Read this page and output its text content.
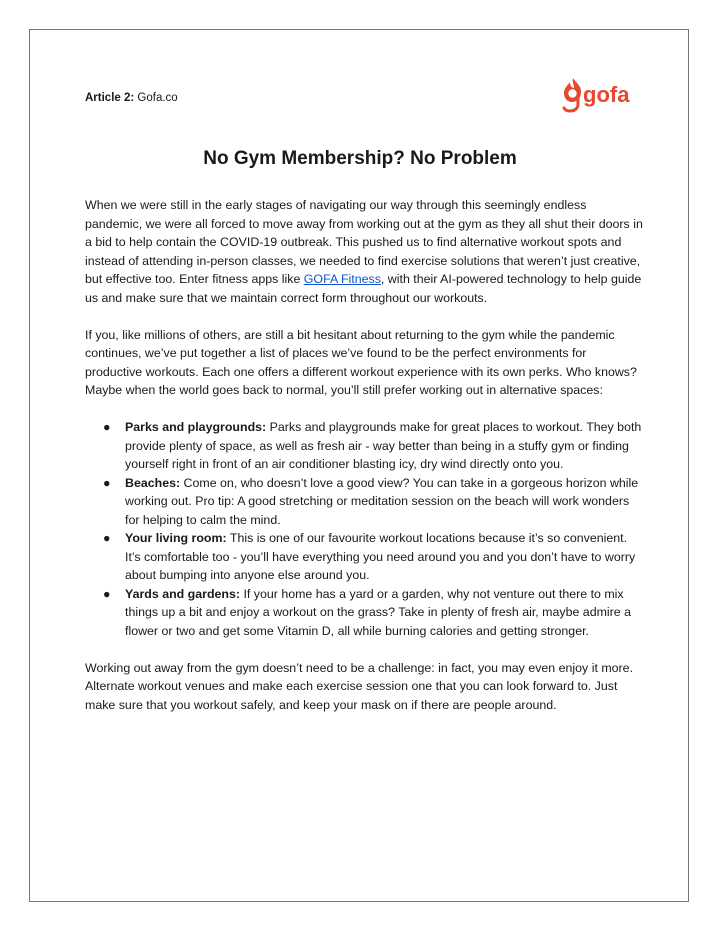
Article 2: Gofa.co	gofa
No Gym Membership? No Problem

When we were still in the early stages of navigating our way through this seemingly endless pandemic, we were all forced to move away from working out at the gym as they all shut their doors in a bid to help contain the COVID-19 outbreak. This pushed us to find alternative workout spots and instead of attending in-person classes, we needed to find exercise solutions that weren’t just creative, but effective too. Enter fitness apps like GOFA Fitness, with their AI-powered technology to help guide us and make sure that we maintain correct form throughout our workouts.

If you, like millions of others, are still a bit hesitant about returning to the gym while the pandemic continues, we’ve put together a list of places we’ve found to be the perfect environments for productive workouts. Each one offers a different workout experience with its own perks. Who knows? Maybe when the world goes back to normal, you’ll still prefer working out in alternative spaces:

● Parks and playgrounds: Parks and playgrounds make for great places to workout. They both provide plenty of space, as well as fresh air - way better than being in a stuffy gym or finding yourself right in front of an air conditioner blasting icy, dry wind directly onto you.
● Beaches: Come on, who doesn’t love a good view? You can take in a gorgeous horizon while working out. Pro tip: A good stretching or meditation session on the beach will work wonders for helping to calm the mind.
● Your living room: This is one of our favourite workout locations because it’s so convenient. It’s comfortable too - you’ll have everything you need around you and you don’t have to worry about bumping into anyone else around you.
● Yards and gardens: If your home has a yard or a garden, why not venture out there to mix things up a bit and enjoy a workout on the grass? Take in plenty of fresh air, maybe admire a flower or two and get some Vitamin D, all while burning calories and getting stronger.

Working out away from the gym doesn’t need to be a challenge: in fact, you may even enjoy it more. Alternate workout venues and make each exercise session one that you can look forward to. Just make sure that you workout safely, and keep your mask on if there are people around.
